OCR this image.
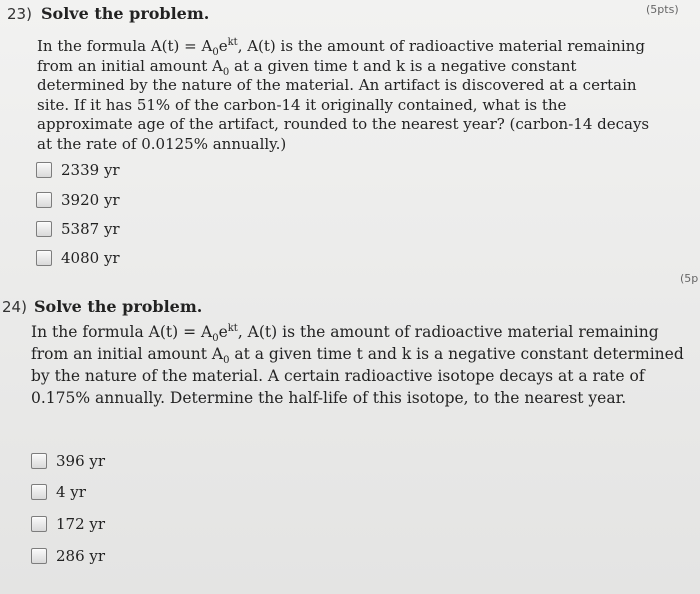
23) Solve the problem.	(5pts)
In the formula $A(t) = A_0e^{kt}$, A(t) is the amount of radioactive material remaining from an initial amount $A_0$ at a given time t and k is a negative constant determined by the nature of the material. An artifact is discovered at a certain site. If it has 51% of the carbon-14 it originally contained, what is the approximate age of the artifact, rounded to the nearest year? (carbon-14 decays at the rate of 0.0125% annually.)
2339 yr
3920 yr
5387 yr
4080 yr
(5p
24) Solve the problem.
In the formula $A(t) = A_0e^{kt}$, A(t) is the amount of radioactive material remaining from an initial amount $A_0$ at a given time t and k is a negative constant determined by the nature of the material. A certain radioactive isotope decays at a rate of 0.175% annually. Determine the half-life of this isotope, to the nearest year.
396 yr
4 yr
172 yr
286 yr
